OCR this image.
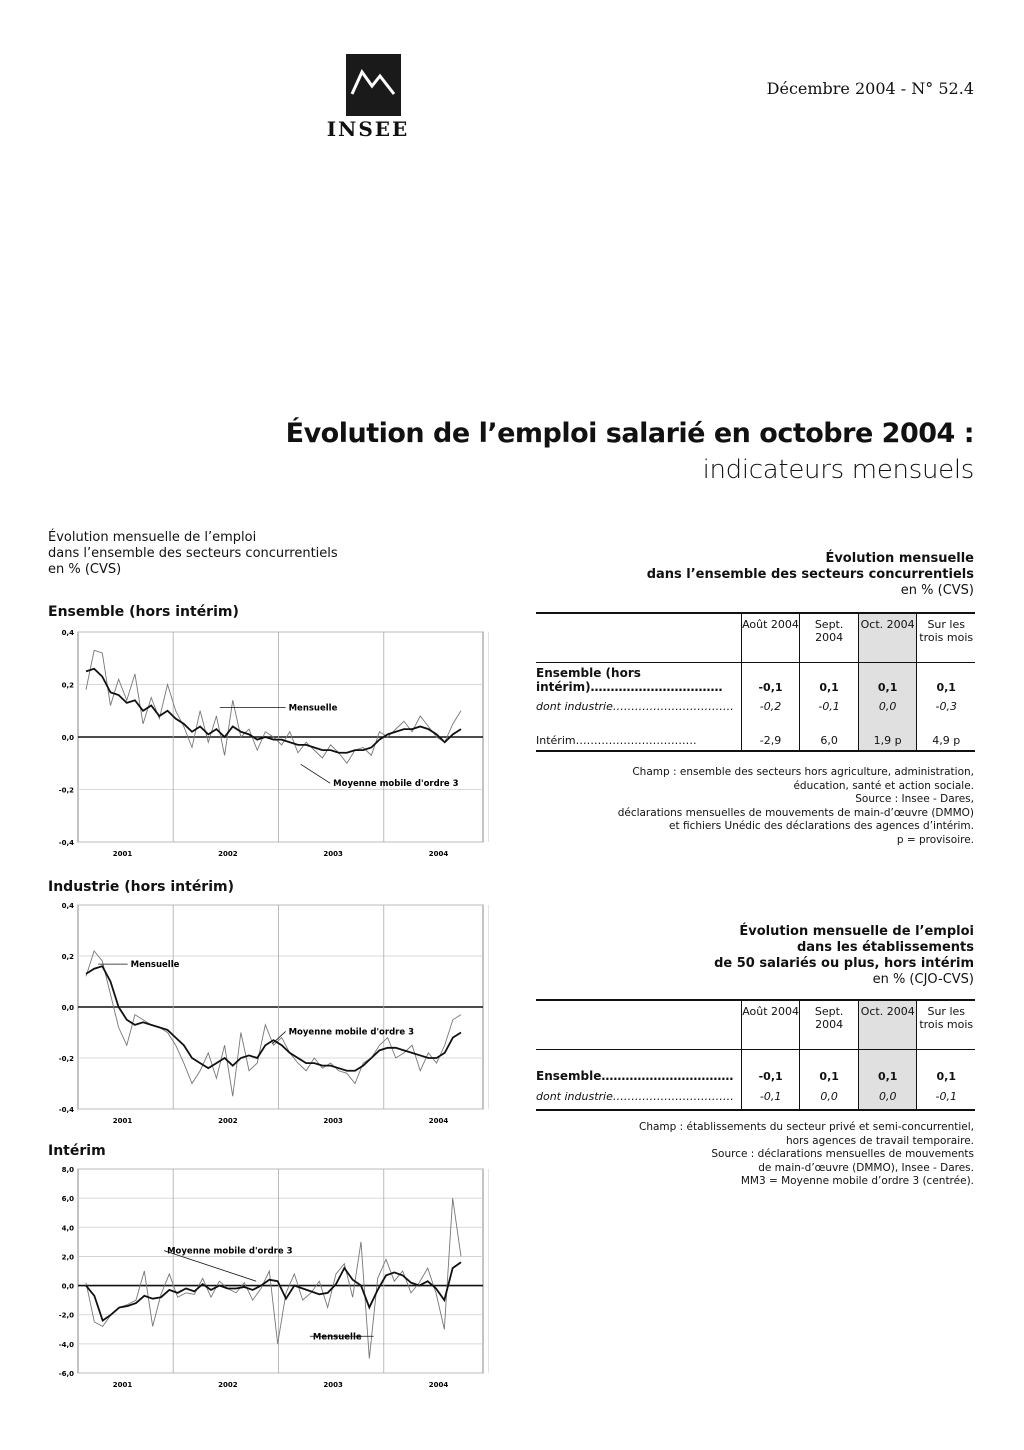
INSEE
Décembre 2004 - N° 52.4
Évolution de l’emploi salarié en octobre 2004 :
indicateurs mensuels
Évolution mensuelle de l’emploi
dans l’ensemble des secteurs concurrentiels
en % (CVS)
Ensemble (hors intérim)
0,4
0,2
0,0
-0,2
-0,4
2001	2002	2003	2004
Mensuelle
Moyenne mobile d'ordre 3
Industrie (hors intérim)
0,4
0,2
0,0
-0,2
-0,4
2001	2002	2003	2004
Mensuelle
Moyenne mobile d'ordre 3
Intérim
8,0
6,0
4,0
2,0
0,0
-2,0
-4,0
-6,0
2001	2002	2003	2004
Moyenne mobile d'ordre 3
Mensuelle
Évolution mensuelle
dans l’ensemble des secteurs concurrentiels
en % (CVS)
	Août 2004	Sept. 2004	Oct. 2004	Sur les trois mois
Ensemble (hors intérim)……………………………	-0,1	0,1	0,1	0,1
dont industrie……………………………	-0,2	-0,1	0,0	-0,3
Intérim……………………………	-2,9	6,0	1,9 p	4,9 p
Champ : ensemble des secteurs hors agriculture, administration,
éducation, santé et action sociale.
Source : Insee - Dares,
déclarations mensuelles de mouvements de main-d’œuvre (DMMO)
et fichiers Unédic des déclarations des agences d’intérim.
p = provisoire.
Évolution mensuelle de l’emploi
dans les établissements
de 50 salariés ou plus, hors intérim
en % (CJO-CVS)
	Août 2004	Sept. 2004	Oct. 2004	Sur les trois mois
Ensemble……………………………	-0,1	0,1	0,1	0,1
dont industrie……………………………	-0,1	0,0	0,0	-0,1
Champ : établissements du secteur privé et semi-concurrentiel,
hors agences de travail temporaire.
Source : déclarations mensuelles de mouvements
de main-d’œuvre (DMMO), Insee - Dares.
MM3 = Moyenne mobile d’ordre 3 (centrée).
